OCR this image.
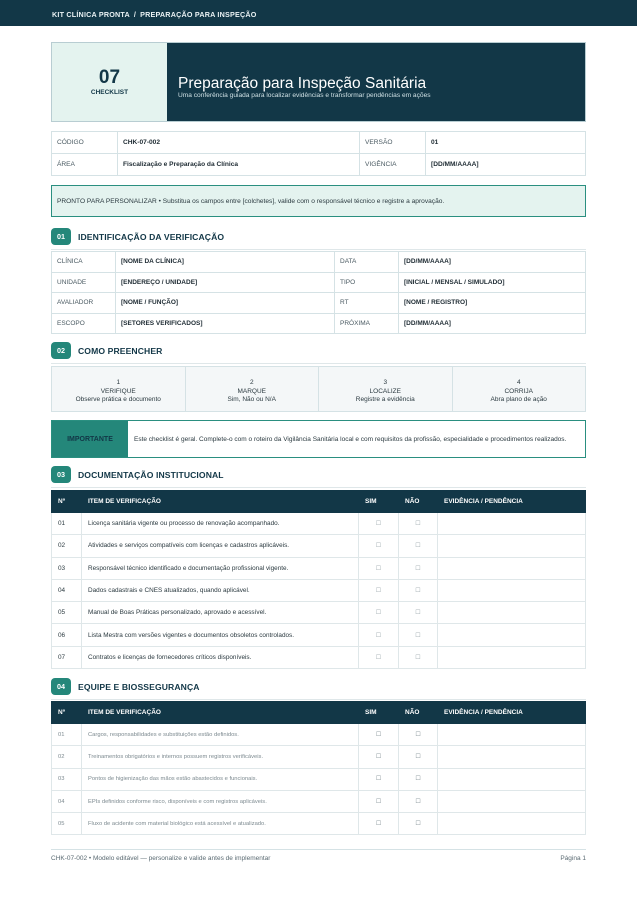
KIT CLÍNICA PRONTA / PREPARAÇÃO PARA INSPEÇÃO
07
CHECKLIST
Preparação para Inspeção Sanitária
Uma conferência guiada para localizar evidências e transformar pendências em ações
CÓDIGO	CHK-07-002	VERSÃO	01
ÁREA	Fiscalização e Preparação da Clínica	VIGÊNCIA	[DD/MM/AAAA]
PRONTO PARA PERSONALIZAR • Substitua os campos entre [colchetes], valide com o responsável técnico e registre a aprovação.
01	IDENTIFICAÇÃO DA VERIFICAÇÃO
CLÍNICA	[NOME DA CLÍNICA]	DATA	[DD/MM/AAAA]
UNIDADE	[ENDEREÇO / UNIDADE]	TIPO	[INICIAL / MENSAL / SIMULADO]
AVALIADOR	[NOME / FUNÇÃO]	RT	[NOME / REGISTRO]
ESCOPO	[SETORES VERIFICADOS]	PRÓXIMA	[DD/MM/AAAA]
02	COMO PREENCHER
1
VERIFIQUE
Observe prática e documento
2
MARQUE
Sim, Não ou N/A
3
LOCALIZE
Registre a evidência
4
CORRIJA
Abra plano de ação
IMPORTANTE	Este checklist é geral. Complete-o com o roteiro da Vigilância Sanitária local e com requisitos da profissão, especialidade e procedimentos realizados.
03	DOCUMENTAÇÃO INSTITUCIONAL
Nº	ITEM DE VERIFICAÇÃO	SIM	NÃO	EVIDÊNCIA / PENDÊNCIA
01	Licença sanitária vigente ou processo de renovação acompanhado.	☐	☐	
02	Atividades e serviços compatíveis com licenças e cadastros aplicáveis.	☐	☐	
03	Responsável técnico identificado e documentação profissional vigente.	☐	☐	
04	Dados cadastrais e CNES atualizados, quando aplicável.	☐	☐	
05	Manual de Boas Práticas personalizado, aprovado e acessível.	☐	☐	
06	Lista Mestra com versões vigentes e documentos obsoletos controlados.	☐	☐	
07	Contratos e licenças de fornecedores críticos disponíveis.	☐	☐	
04	EQUIPE E BIOSSEGURANÇA
Nº	ITEM DE VERIFICAÇÃO	SIM	NÃO	EVIDÊNCIA / PENDÊNCIA
01	Cargos, responsabilidades e substituições estão definidos.	☐	☐	
02	Treinamentos obrigatórios e internos possuem registros verificáveis.	☐	☐	
03	Pontos de higienização das mãos estão abastecidos e funcionais.	☐	☐	
04	EPIs definidos conforme risco, disponíveis e com registros aplicáveis.	☐	☐	
05	Fluxo de acidente com material biológico está acessível e atualizado.	☐	☐	
CHK-07-002 • Modelo editável — personalize e valide antes de implementar	Página 1
